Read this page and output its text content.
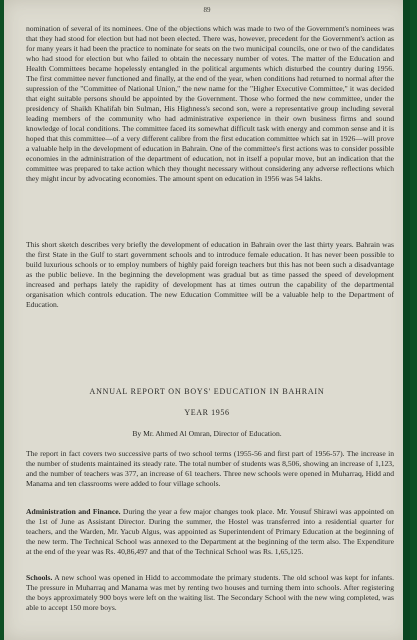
89

nomination of several of its nominees. One of the objections which was made to two of the Government's nominees was that they had stood for election but had not been elected. There was, however, precedent for the Government's action as for many years it had been the practice to nominate for seats on the two municipal councils, one or two of the candidates who had stood for election but who failed to obtain the necessary number of votes. The matter of the Education and Health Committees became hopelessly entangled in the political arguments which disturbed the country during 1956. The first committee never functioned and finally, at the end of the year, when conditions had returned to normal after the supression of the "Committee of National Union," the new name for the "Higher Executive Committee," it was decided that eight suitable persons should be appointed by the Government. Those who formed the new committee, under the presidency of Shaikh Khalifah bin Sulman, His Highness's second son, were a representative group including several leading members of the community who had administrative experience in their own business firms and sound knowledge of local conditions. The committee faced its somewhat difficult task with energy and common sense and it is hoped that this committee—of a very different calibre from the first education committee which sat in 1926—will prove a valuable help in the development of education in Bahrain. One of the committee's first actions was to consider possible economies in the administration of the department of education, not in itself a popular move, but an indication that the committee was prepared to take action which they thought necessary without considering any adverse reflections which they might incur by advocating economies. The amount spent on education in 1956 was 54 lakhs.

This short sketch describes very briefly the development of education in Bahrain over the last thirty years. Bahrain was the first State in the Gulf to start government schools and to introduce female education. It has never been possible to build luxurious schools or to employ numbers of highly paid foreign teachers but this has not been such a disadvantage as the public believe. In the beginning the development was gradual but as time passed the speed of development increased and perhaps lately the rapidity of development has at times outrun the capability of the departmental organisation which controls education. The new Education Committee will be a valuable help to the Department of Education.

ANNUAL REPORT ON BOYS' EDUCATION IN BAHRAIN
YEAR 1956
By Mr. Ahmed Al Omran, Director of Education.

The report in fact covers two successive parts of two school terms (1955-56 and first part of 1956-57). The increase in the number of students maintained its steady rate. The total number of students was 8,506, showing an increase of 1,123, and the number of teachers was 377, an increase of 61 teachers. Three new schools were opened in Muharraq, Hidd and Manama and ten classrooms were added to four village schools.

Administration and Finance. During the year a few major changes took place. Mr. Yousuf Shirawi was appointed on the 1st of June as Assistant Director. During the summer, the Hostel was transferred into a residential quarter for teachers, and the Warden, Mr. Yacub Algus, was appointed as Superintendent of Primary Education at the beginning of the new term. The Technical School was annexed to the Department at the beginning of the term also. The Expenditure at the end of the year was Rs. 40,86,497 and that of the Technical School was Rs. 1,65,125.

Schools. A new school was opened in Hidd to accommodate the primary students. The old school was kept for infants. The pressure in Muharraq and Manama was met by renting two houses and turning them into schools. After registering the boys approximately 900 boys were left on the waiting list. The Secondary School with the new wing completed, was able to accept 150 more boys.
